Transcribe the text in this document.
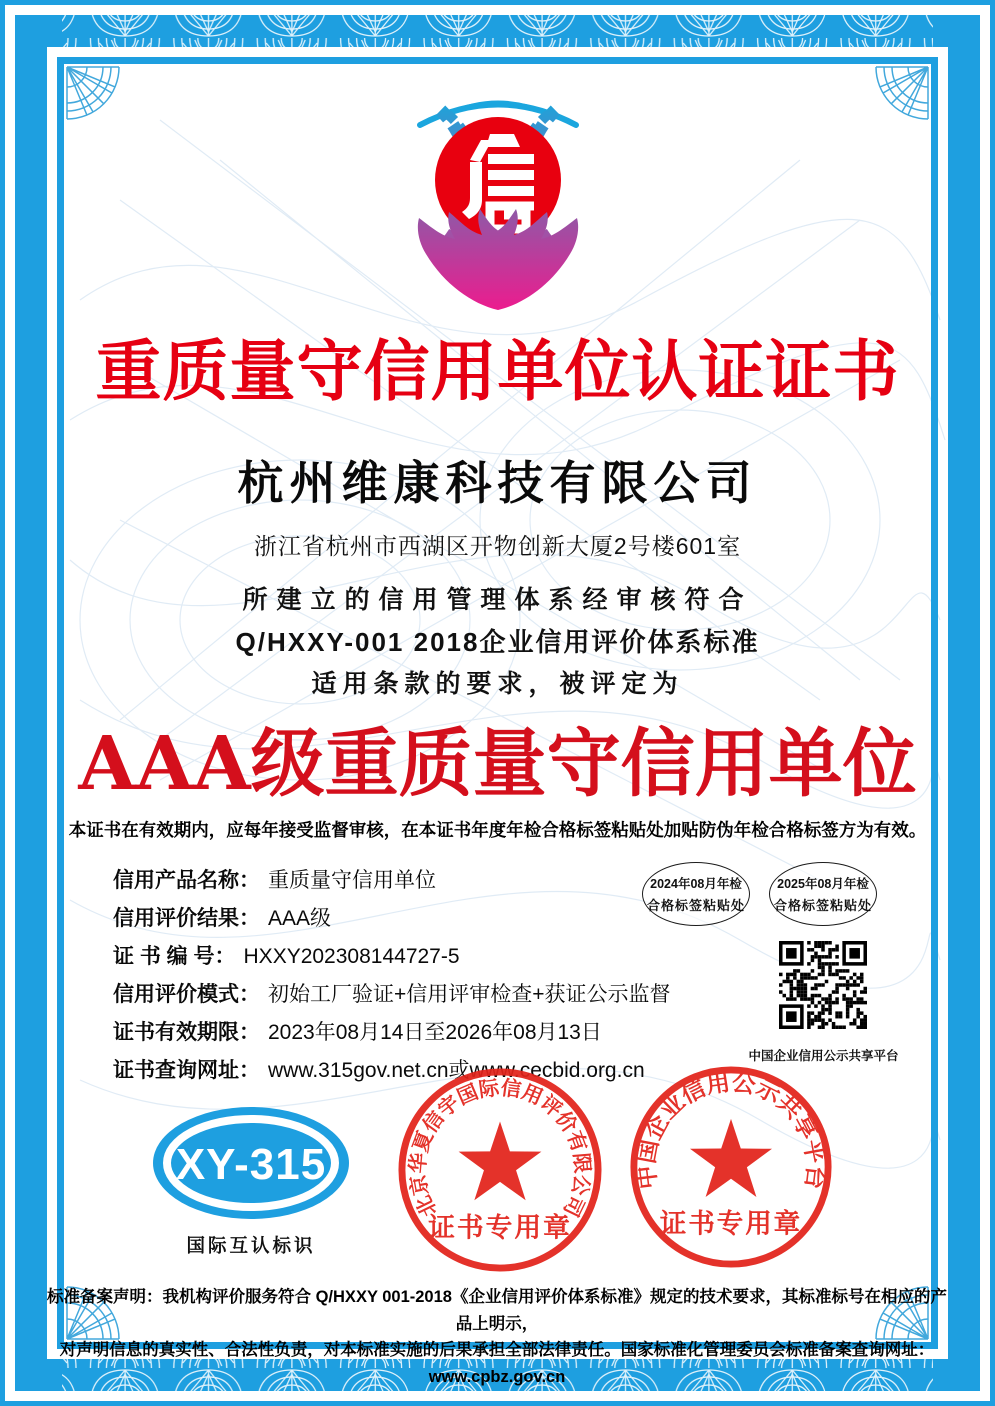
重质量守信用单位认证证书
杭州维康科技有限公司
浙江省杭州市西湖区开物创新大厦2号楼601室
所建立的信用管理体系经审核符合
Q/HXXY-001 2018企业信用评价体系标准
适用条款的要求，被评定为
AAA级重质量守信用单位
本证书在有效期内，应每年接受监督审核，在本证书年度年检合格标签粘贴处加贴防伪年检合格标签方为有效。
信用产品名称： 重质量守信用单位
信用评价结果： AAA级
证 书 编 号： HXXY202308144727-5
信用评价模式： 初始工厂验证+信用评审检查+获证公示监督
证书有效期限： 2023年08月14日至2026年08月13日
证书查询网址： www.315gov.net.cn或www.cecbid.org.cn
2024年08月年检
合格标签粘贴处
2025年08月年检
合格标签粘贴处
中国企业信用公示共享平台
XY-315
国际互认标识
北京华夏信宇国际信用评价有限公司
证书专用章
中国企业信用公示共享平台
证书专用章
标准备案声明：我机构评价服务符合 Q/HXXY 001-2018《企业信用评价体系标准》规定的技术要求，其标准标号在相应的产品上明示，
对声明信息的真实性、合法性负责，对本标准实施的后果承担全部法律责任。国家标准化管理委员会标准备案查询网址：www.cpbz.gov.cn
